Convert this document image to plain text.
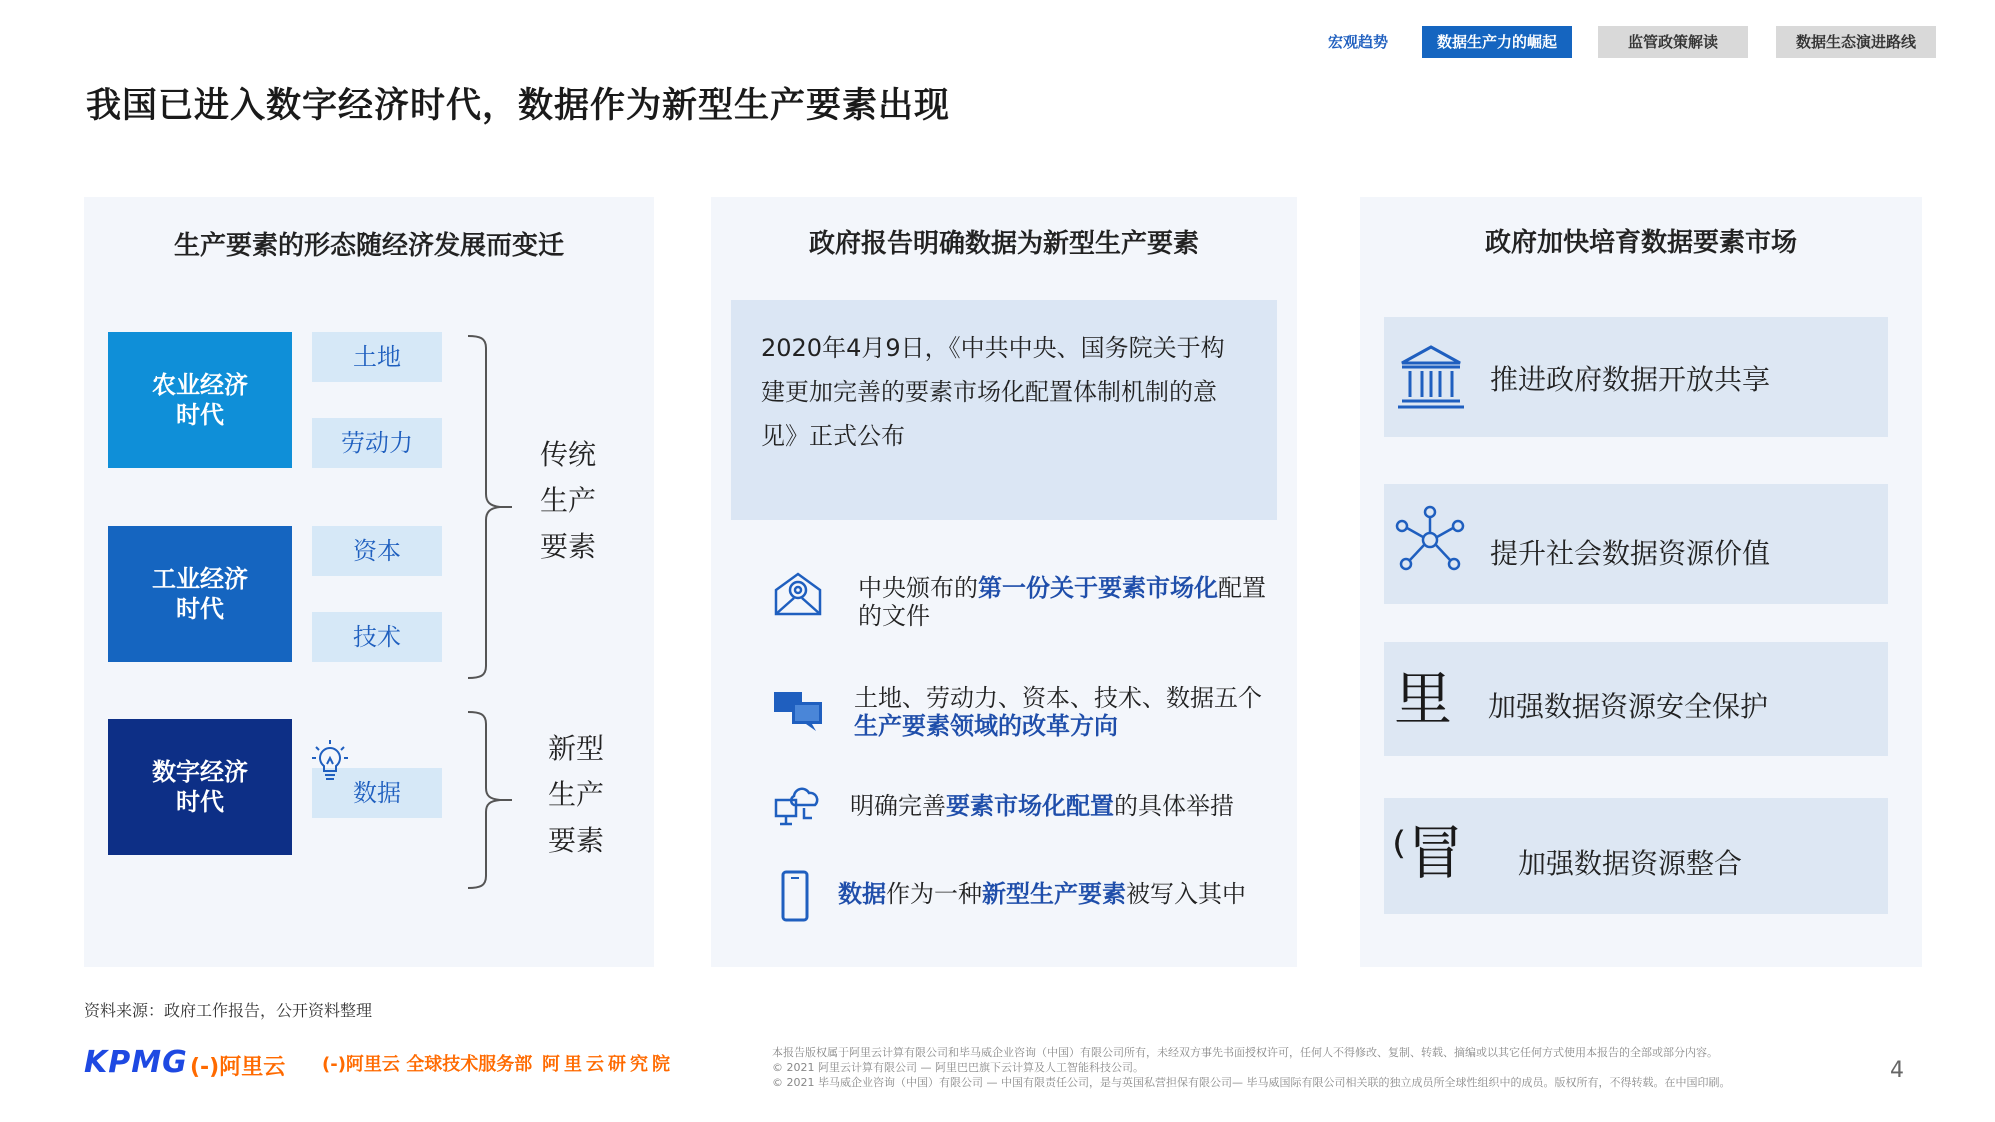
宏观趋势	数据生产力的崛起	监管政策解读	数据生态演进路线
我国已进入数字经济时代，数据作为新型生产要素出现
生产要素的形态随经济发展而变迁
农业经济时代
工业经济时代
数字经济时代
土地
劳动力
资本
技术
数据
传统
生产
要素
新型
生产
要素
政府报告明确数据为新型生产要素
2020年4月9日，《中共中央、国务院关于构建更加完善的要素市场化配置体制机制的意见》正式公布
中央颁布的第一份关于要素市场化配置的文件
土地、劳动力、资本、技术、数据五个生产要素领域的改革方向
明确完善要素市场化配置的具体举措
数据作为一种新型生产要素被写入其中
政府加快培育数据要素市场
里
⁽冒
推进政府数据开放共享
提升社会数据资源价值
加强数据资源安全保护
加强数据资源整合
资料来源：政府工作报告，公开资料整理
KPMG (-)阿里云 (-)阿里云 全球技术服务部 阿里云研究院
本报告版权属于阿里云计算有限公司和毕马威企业咨询（中国）有限公司所有，未经双方事先书面授权许可，任何人不得修改、复制、转载、摘编或以其它任何方式使用本报告的全部或部分内容。
© 2021 阿里云计算有限公司 — 阿里巴巴旗下云计算及人工智能科技公司。
© 2021 毕马威企业咨询（中国）有限公司 — 中国有限责任公司，是与英国私营担保有限公司— 毕马威国际有限公司相关联的独立成员所全球性组织中的成员。版权所有，不得转载。在中国印刷。	4
